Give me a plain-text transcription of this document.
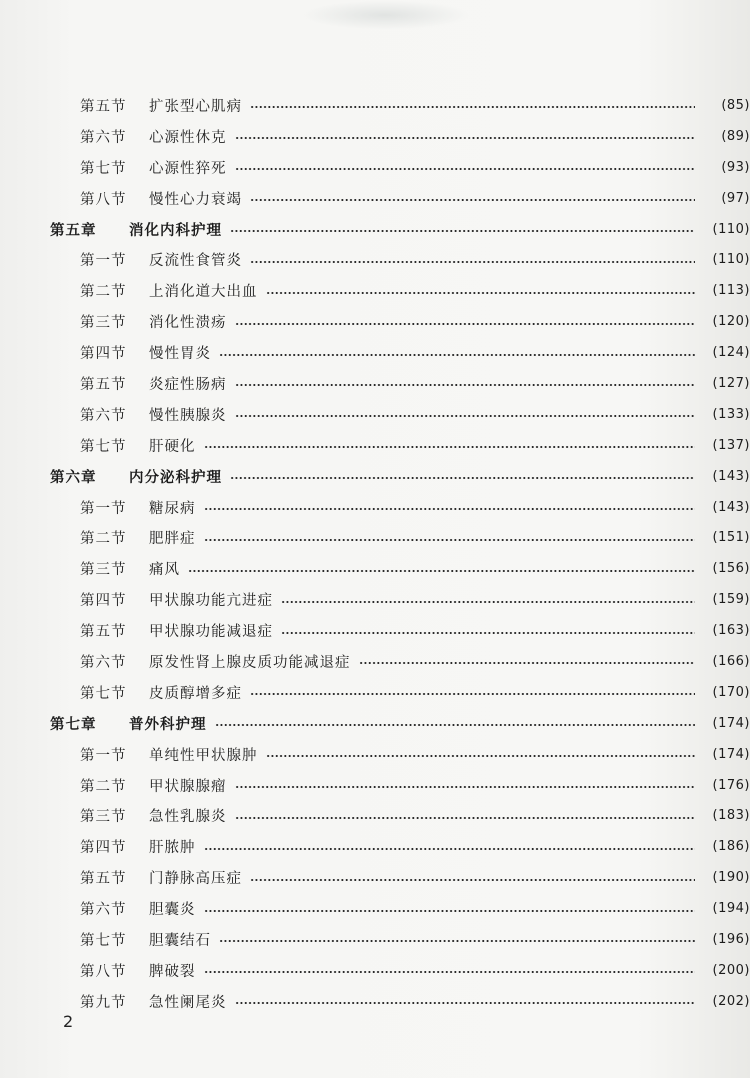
第五节	扩张型心肌病	(85)
第六节	心源性休克	(89)
第七节	心源性猝死	(93)
第八节	慢性心力衰竭	(97)
第五章	消化内科护理	(110)
第一节	反流性食管炎	(110)
第二节	上消化道大出血	(113)
第三节	消化性溃疡	(120)
第四节	慢性胃炎	(124)
第五节	炎症性肠病	(127)
第六节	慢性胰腺炎	(133)
第七节	肝硬化	(137)
第六章	内分泌科护理	(143)
第一节	糖尿病	(143)
第二节	肥胖症	(151)
第三节	痛风	(156)
第四节	甲状腺功能亢进症	(159)
第五节	甲状腺功能减退症	(163)
第六节	原发性肾上腺皮质功能减退症	(166)
第七节	皮质醇增多症	(170)
第七章	普外科护理	(174)
第一节	单纯性甲状腺肿	(174)
第二节	甲状腺腺瘤	(176)
第三节	急性乳腺炎	(183)
第四节	肝脓肿	(186)
第五节	门静脉高压症	(190)
第六节	胆囊炎	(194)
第七节	胆囊结石	(196)
第八节	脾破裂	(200)
第九节	急性阑尾炎	(202)
2
